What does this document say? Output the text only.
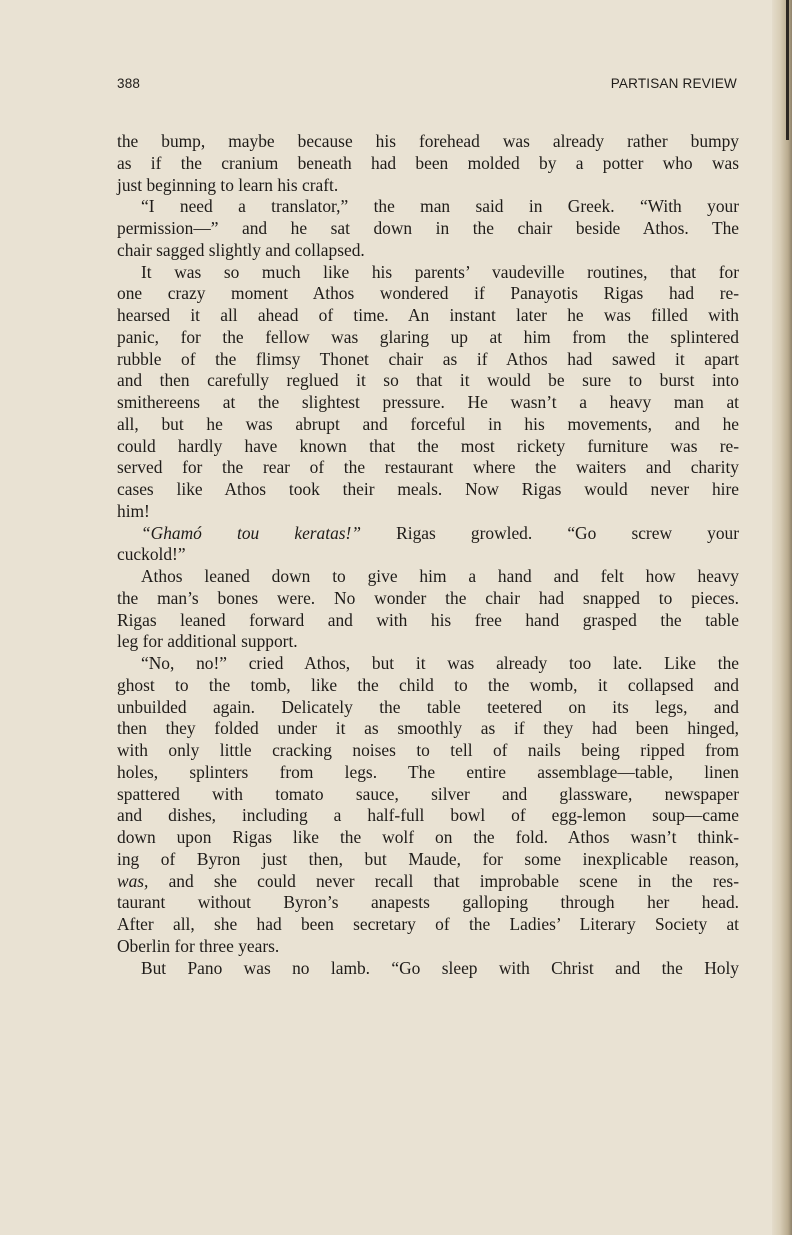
388	PARTISAN REVIEW
the bump, maybe because his forehead was already rather bumpy
as if the cranium beneath had been molded by a potter who was
just beginning to learn his craft.
“I need a translator,” the man said in Greek. “With your
permission—” and he sat down in the chair beside Athos. The
chair sagged slightly and collapsed.
It was so much like his parents’ vaudeville routines, that for
one crazy moment Athos wondered if Panayotis Rigas had re-
hearsed it all ahead of time. An instant later he was filled with
panic, for the fellow was glaring up at him from the splintered
rubble of the flimsy Thonet chair as if Athos had sawed it apart
and then carefully reglued it so that it would be sure to burst into
smithereens at the slightest pressure. He wasn’t a heavy man at
all, but he was abrupt and forceful in his movements, and he
could hardly have known that the most rickety furniture was re-
served for the rear of the restaurant where the waiters and charity
cases like Athos took their meals. Now Rigas would never hire
him!
“Ghamó tou keratas!” Rigas growled. “Go screw your
cuckold!”
Athos leaned down to give him a hand and felt how heavy
the man’s bones were. No wonder the chair had snapped to pieces.
Rigas leaned forward and with his free hand grasped the table
leg for additional support.
“No, no!” cried Athos, but it was already too late. Like the
ghost to the tomb, like the child to the womb, it collapsed and
unbuilded again. Delicately the table teetered on its legs, and
then they folded under it as smoothly as if they had been hinged,
with only little cracking noises to tell of nails being ripped from
holes, splinters from legs. The entire assemblage—table, linen
spattered with tomato sauce, silver and glassware, newspaper
and dishes, including a half-full bowl of egg-lemon soup—came
down upon Rigas like the wolf on the fold. Athos wasn’t think-
ing of Byron just then, but Maude, for some inexplicable reason,
was, and she could never recall that improbable scene in the res-
taurant without Byron’s anapests galloping through her head.
After all, she had been secretary of the Ladies’ Literary Society at
Oberlin for three years.
But Pano was no lamb. “Go sleep with Christ and the Holy
